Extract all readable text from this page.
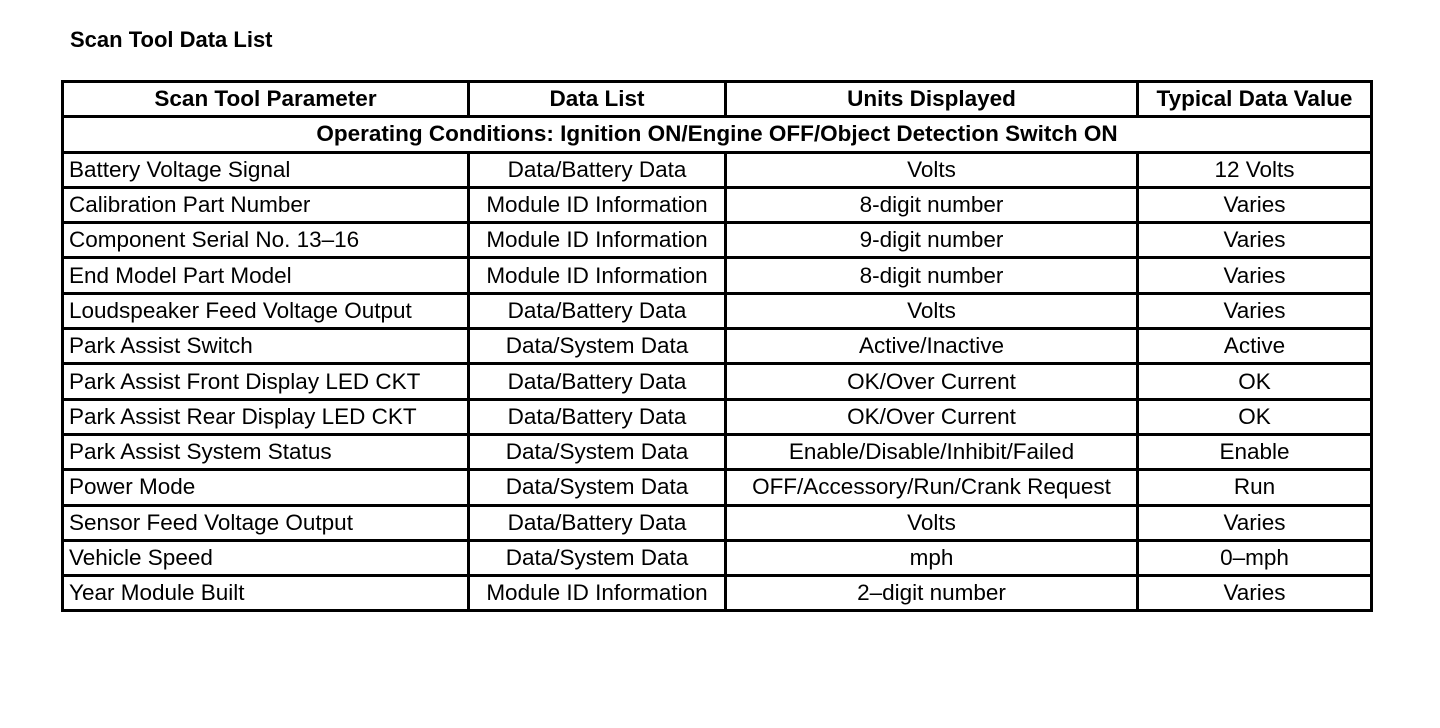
Scan Tool Data List
Scan Tool Parameter	Data List	Units Displayed	Typical Data Value
Operating Conditions: Ignition ON/Engine OFF/Object Detection Switch ON			
Battery Voltage Signal	Data/Battery Data	Volts	12 Volts
Calibration Part Number	Module ID Information	8-digit number	Varies
Component Serial No. 13–16	Module ID Information	9-digit number	Varies
End Model Part Model	Module ID Information	8-digit number	Varies
Loudspeaker Feed Voltage Output	Data/Battery Data	Volts	Varies
Park Assist Switch	Data/System Data	Active/Inactive	Active
Park Assist Front Display LED CKT	Data/Battery Data	OK/Over Current	OK
Park Assist Rear Display LED CKT	Data/Battery Data	OK/Over Current	OK
Park Assist System Status	Data/System Data	Enable/Disable/Inhibit/Failed	Enable
Power Mode	Data/System Data	OFF/Accessory/Run/Crank Request	Run
Sensor Feed Voltage Output	Data/Battery Data	Volts	Varies
Vehicle Speed	Data/System Data	mph	0–mph
Year Module Built	Module ID Information	2–digit number	Varies
